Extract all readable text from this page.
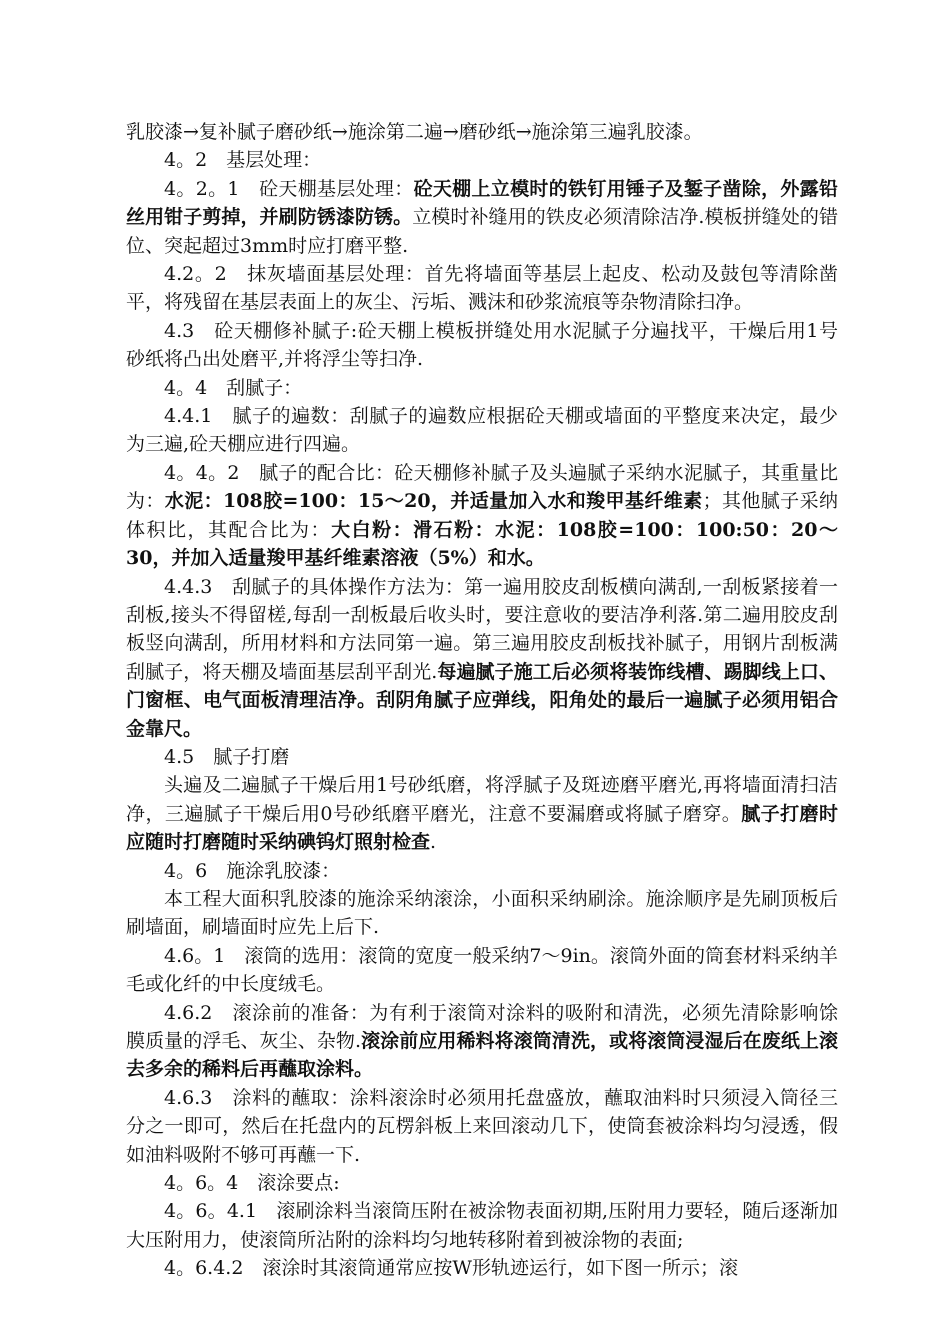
乳胶漆→复补腻子磨砂纸→施涂第二遍→磨砂纸→施涂第三遍乳胶漆。

4。2　基层处理：

4。2。1　砼天棚基层处理：砼天棚上立模时的铁钉用锤子及錾子凿除，外露铅丝用钳子剪掉，并刷防锈漆防锈。立模时补缝用的铁皮必须清除洁净.模板拼缝处的错位、突起超过3mm时应打磨平整.

4.2。2　抹灰墙面基层处理：首先将墙面等基层上起皮、松动及鼓包等清除凿平，将残留在基层表面上的灰尘、污垢、溅沫和砂浆流痕等杂物清除扫净。

4.3　砼天棚修补腻子:砼天棚上模板拼缝处用水泥腻子分遍找平，干燥后用1号砂纸将凸出处磨平,并将浮尘等扫净.

4。4　刮腻子：

4.4.1　腻子的遍数：刮腻子的遍数应根据砼天棚或墙面的平整度来决定，最少为三遍,砼天棚应进行四遍。

4。4。2　腻子的配合比：砼天棚修补腻子及头遍腻子采纳水泥腻子，其重量比为：水泥：108胶=100：15～20，并适量加入水和羧甲基纤维素；其他腻子采纳体积比，其配合比为：大白粉：滑石粉：水泥：108胶=100：100:50：20～30，并加入适量羧甲基纤维素溶液（5%）和水。

4.4.3　刮腻子的具体操作方法为：第一遍用胶皮刮板横向满刮,一刮板紧接着一刮板,接头不得留槎,每刮一刮板最后收头时，要注意收的要洁净利落.第二遍用胶皮刮板竖向满刮，所用材料和方法同第一遍。第三遍用胶皮刮板找补腻子，用钢片刮板满刮腻子，将天棚及墙面基层刮平刮光.每遍腻子施工后必须将装饰线槽、踢脚线上口、门窗框、电气面板清理洁净。刮阴角腻子应弹线，阳角处的最后一遍腻子必须用铝合金靠尺。

4.5　腻子打磨

头遍及二遍腻子干燥后用1号砂纸磨，将浮腻子及斑迹磨平磨光,再将墙面清扫洁净，三遍腻子干燥后用0号砂纸磨平磨光，注意不要漏磨或将腻子磨穿。腻子打磨时应随时打磨随时采纳碘钨灯照射检查.

4。6　施涂乳胶漆：

本工程大面积乳胶漆的施涂采纳滚涂，小面积采纳刷涂。施涂顺序是先刷顶板后刷墙面，刷墙面时应先上后下.

4.6。1　滚筒的选用：滚筒的宽度一般采纳7～9in。滚筒外面的筒套材料采纳羊毛或化纤的中长度绒毛。

4.6.2　滚涂前的准备：为有利于滚筒对涂料的吸附和清洗，必须先清除影响馀膜质量的浮毛、灰尘、杂物.滚涂前应用稀料将滚筒清洗，或将滚筒浸湿后在废纸上滚去多余的稀料后再蘸取涂料。

4.6.3　涂料的蘸取：涂料滚涂时必须用托盘盛放，蘸取油料时只须浸入筒径三分之一即可，然后在托盘内的瓦楞斜板上来回滚动几下，使筒套被涂料均匀浸透，假如油料吸附不够可再蘸一下.

4。6。4　滚涂要点:

4。6。4.1　滚刷涂料当滚筒压附在被涂物表面初期,压附用力要轻，随后逐渐加大压附用力，使滚筒所沾附的涂料均匀地转移附着到被涂物的表面;

4。6.4.2　滚涂时其滚筒通常应按W形轨迹运行，如下图一所示；滚
